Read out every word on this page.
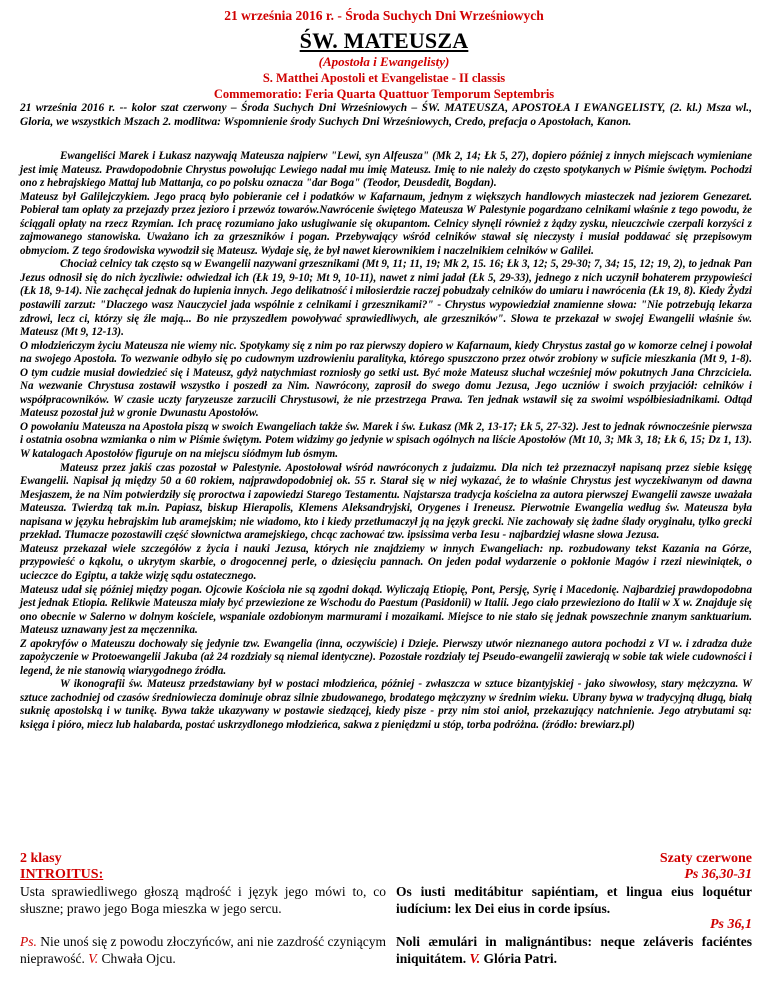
21 września 2016 r. - Środa Suchych Dni Wrześniowych
ŚW. MATEUSZA
(Apostoła i Ewangelisty)
S. Matthei Apostoli et Evangelistae - II classis
Commemoratio: Feria Quarta Quattuor Temporum Septembris
21 września 2016 r. -- kolor szat czerwony – Środa Suchych Dni Wrześniowych – ŚW. MATEUSZA, APOSTOŁA I EWANGELISTY, (2. kl.) Msza wl., Gloria, we wszystkich Mszach 2. modlitwa: Wspomnienie środy Suchych Dni Wrześniowych, Credo, prefacja o Apostołach, Kanon.

Ewangeliści Marek i Łukasz nazywają Mateusza najpierw "Lewi, syn Alfeusza" (Mk 2, 14; Łk 5, 27), dopiero później z innych miejscach wymieniane jest imię Mateusz. Prawdopodobnie Chrystus powołując Lewiego nadał mu imię Mateusz. Imię to nie należy do często spotykanych w Piśmie świętym. Pochodzi ono z hebrajskiego Mattaj lub Mattanja, co po polsku oznacza "dar Boga" (Teodor, Deusdedit, Bogdan).

Mateusz był Galilejczykiem. Jego pracą było pobieranie ceł i podatków w Kafarnaum, jednym z większych handlowych miasteczek nad jeziorem Genezaret. Pobierał tam opłaty za przejazdy przez jezioro i przewóz towarów.Nawrócenie świętego Mateusza W Palestynie pogardzano celnikami właśnie z tego powodu, że ściągali opłaty na rzecz Rzymian. Ich pracę rozumiano jako usługiwanie się okupantom. Celnicy słynęli również z żądzy zysku, nieuczciwie czerpali korzyści z zajmowanego stanowiska. Uważano ich za grzeszników i pogan. Przebywający wśród celników stawał się nieczysty i musiał poddawać się przepisowym obmyciom. Z tego środowiska wywodził się Mateusz. Wydaje się, że był nawet kierownikiem i naczelnikiem celników w Galilei.

Chociaż celnicy tak często są w Ewangelii nazywani grzesznikami (Mt 9, 11; 11, 19; Mk 2, 15. 16; Łk 3, 12; 5, 29-30; 7, 34; 15, 12; 19, 2), to jednak Pan Jezus odnosił się do nich życzliwie: odwiedzał ich (Łk 19, 9-10; Mt 9, 10-11), nawet z nimi jadał (Łk 5, 29-33), jednego z nich uczynił bohaterem przypowieści (Łk 18, 9-14). Nie zachęcał jednak do łupienia innych. Jego delikatność i miłosierdzie raczej pobudzały celników do umiaru i nawrócenia (Łk 19, 8). Kiedy Żydzi postawili zarzut: "Dlaczego wasz Nauczyciel jada wspólnie z celnikami i grzesznikami?" - Chrystus wypowiedział znamienne słowa: "Nie potrzebują lekarza zdrowi, lecz ci, którzy się źle mają... Bo nie przyszedłem powoływać sprawiedliwych, ale grzeszników". Słowa te przekazał w swojej Ewangelii właśnie św. Mateusz (Mt 9, 12-13).

O młodzieńczym życiu Mateusza nie wiemy nic. Spotykamy się z nim po raz pierwszy dopiero w Kafarnaum, kiedy Chrystus zastał go w komorze celnej i powołał na swojego Apostoła. To wezwanie odbyło się po cudownym uzdrowieniu paralityka, którego spuszczono przez otwór zrobiony w suficie mieszkania (Mt 9, 1-8). O tym cudzie musiał dowiedzieć się i Mateusz, gdyż natychmiast rozniosły go setki ust. Być może Mateusz słuchał wcześniej mów pokutnych Jana Chrzciciela. Na wezwanie Chrystusa zostawił wszystko i poszedł za Nim. Nawrócony, zaprosił do swego domu Jezusa, Jego uczniów i swoich przyjaciół: celników i współpracowników. W czasie uczty faryzeusze zarzucili Chrystusowi, że nie przestrzega Prawa. Ten jednak wstawił się za swoimi współbiesiadnikami. Odtąd Mateusz pozostał już w gronie Dwunastu Apostołów.

O powołaniu Mateusza na Apostoła piszą w swoich Ewangeliach także św. Marek i św. Łukasz (Mk 2, 13-17; Łk 5, 27-32). Jest to jednak równocześnie pierwsza i ostatnia osobna wzmianka o nim w Piśmie świętym. Potem widzimy go jedynie w spisach ogólnych na liście Apostołów (Mt 10, 3; Mk 3, 18; Łk 6, 15; Dz 1, 13). W katalogach Apostołów figuruje on na miejscu siódmym lub ósmym.

Mateusz przez jakiś czas pozostał w Palestynie. Apostołował wśród nawróconych z judaizmu. Dla nich też przeznaczył napisaną przez siebie księgę Ewangelii. Napisał ją między 50 a 60 rokiem, najprawdopodobniej ok. 55 r. Starał się w niej wykazać, że to właśnie Chrystus jest wyczekiwanym od dawna Mesjaszem, że na Nim potwierdziły się proroctwa i zapowiedzi Starego Testamentu. Najstarsza tradycja kościelna za autora pierwszej Ewangelii zawsze uważała Mateusza. Twierdzą tak m.in. Papiasz, biskup Hierapolis, Klemens Aleksandryjski, Orygenes i Ireneusz. Pierwotnie Ewangelia według św. Mateusza była napisana w języku hebrajskim lub aramejskim; nie wiadomo, kto i kiedy przetłumaczył ją na język grecki. Nie zachowały się żadne ślady oryginału, tylko grecki przekład. Tłumacze pozostawili część słownictwa aramejskiego, chcąc zachować tzw. ipsissima verba Iesu - najbardziej własne słowa Jezusa.

Mateusz przekazał wiele szczegółów z życia i nauki Jezusa, których nie znajdziemy w innych Ewangeliach: np. rozbudowany tekst Kazania na Górze, przypowieść o kąkolu, o ukrytym skarbie, o drogocennej perle, o dziesięciu pannach. On jeden podał wydarzenie o pokłonie Magów i rzezi niewiniątek, o ucieczce do Egiptu, a także wizję sądu ostatecznego.

Mateusz udał się później między pogan. Ojcowie Kościoła nie są zgodni dokąd. Wyliczają Etiopię, Pont, Persję, Syrię i Macedonię. Najbardziej prawdopodobna jest jednak Etiopia. Relikwie Mateusza miały być przewiezione ze Wschodu do Paestum (Pasidonii) w Italii. Jego ciało przewieziono do Italii w X w. Znajduje się ono obecnie w Salerno w dolnym kościele, wspaniale ozdobionym marmurami i mozaikami. Miejsce to nie stało się jednak powszechnie znanym sanktuarium. Mateusz uznawany jest za męczennika.

Z apokryfów o Mateuszu dochowały się jedynie tzw. Ewangelia (inna, oczywiście) i Dzieje. Pierwszy utwór nieznanego autora pochodzi z VI w. i zdradza duże zapożyczenie w Protoewangelii Jakuba (aż 24 rozdziały są niemal identyczne). Pozostałe rozdziały tej Pseudo-ewangelii zawierają w sobie tak wiele cudowności i legend, że nie stanowią wiarygodnego źródła.

W ikonografii św. Mateusz przedstawiany był w postaci młodzieńca, później - zwłaszcza w sztuce bizantyjskiej - jako siwowłosy, stary mężczyzna. W sztuce zachodniej od czasów średniowiecza dominuje obraz silnie zbudowanego, brodatego mężczyzny w średnim wieku. Ubrany bywa w tradycyjną długą, białą suknię apostolską i w tunikę. Bywa także ukazywany w postawie siedzącej, kiedy pisze - przy nim stoi anioł, przekazujący natchnienie. Jego atrybutami są: księga i pióro, miecz lub halabarda, postać uskrzydlonego młodzieńca, sakwa z pieniędzmi u stóp, torba podróżna. (źródło: brewiarz.pl)

2 klasy	Szaty czerwone
INTROITUS:	Ps 36,30-31
Usta sprawiedliwego głoszą mądrość i język jego mówi to, co słuszne; prawo jego Boga mieszka w jego sercu.
Os iusti meditábitur sapiéntiam, et lingua eius loquétur iudícium: lex Dei eius in corde ipsíus.
Ps 36,1
Ps. Nie unoś się z powodu złoczyńców, ani nie zazdrość czyniącym nieprawość. V. Chwała Ojcu.
Noli æmulári in malignántibus: neque zeláveris faciéntes iniquitátem. V. Glória Patri.
